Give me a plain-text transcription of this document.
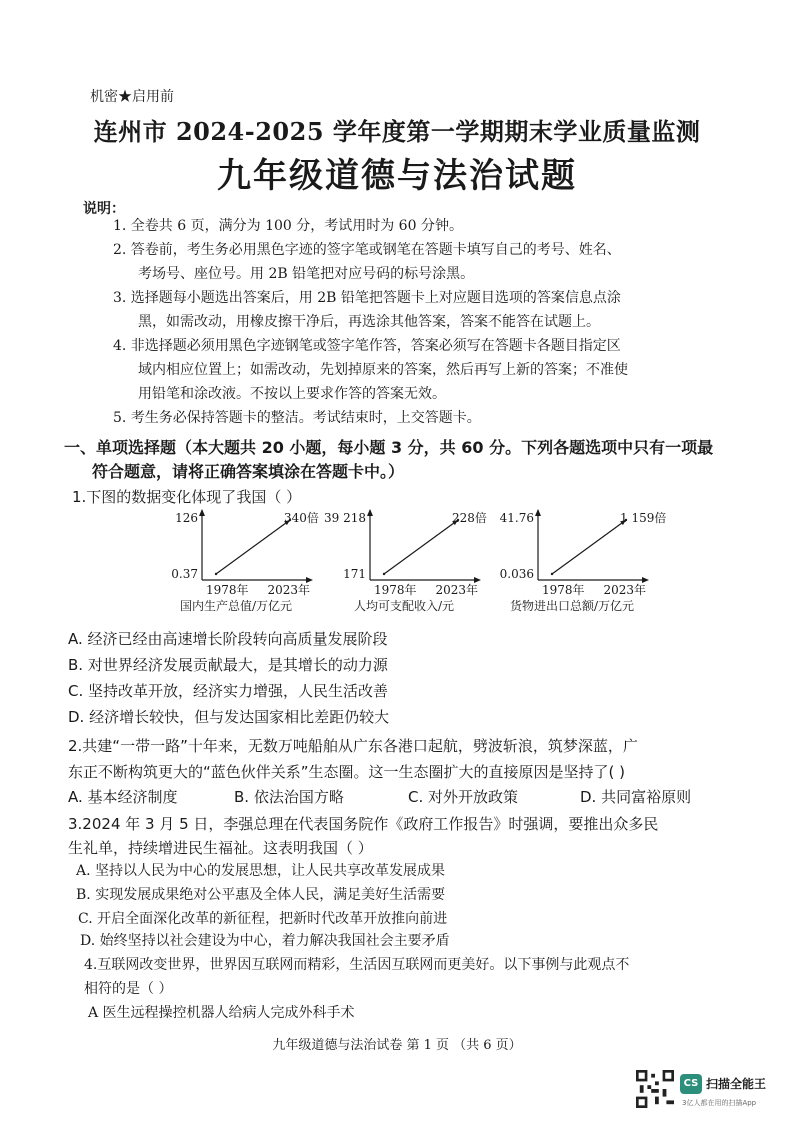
机密★启用前
连州市 2024-2025 学年度第一学期期末学业质量监测
九年级道德与法治试题
说明：
1. 全卷共 6 页，满分为 100 分，考试用时为 60 分钟。
2. 答卷前，考生务必用黑色字迹的签字笔或钢笔在答题卡填写自己的考号、姓名、
考场号、座位号。用 2B 铅笔把对应号码的标号涂黑。
3. 选择题每小题选出答案后，用 2B 铅笔把答题卡上对应题目选项的答案信息点涂
黑，如需改动，用橡皮擦干净后，再选涂其他答案，答案不能答在试题上。
4. 非选择题必须用黑色字迹钢笔或签字笔作答，答案必须写在答题卡各题目指定区
域内相应位置上；如需改动，先划掉原来的答案，然后再写上新的答案；不准使
用铅笔和涂改液。不按以上要求作答的答案无效。
5. 考生务必保持答题卡的整洁。考试结束时，上交答题卡。
一、单项选择题（本大题共 20 小题，每小题 3 分，共 60 分。下列各题选项中只有一项最
符合题意，请将正确答案填涂在答题卡中。）
1.下图的数据变化体现了我国（ ）
0.37
126	340倍
1978年 2023年
国内生产总值/万亿元
171
39 218	228倍
1978年 2023年
人均可支配收入/元
0.036
41.76	1 159倍
1978年 2023年
货物进出口总额/万亿元
A. 经济已经由高速增长阶段转向高质量发展阶段
B. 对世界经济发展贡献最大，是其增长的动力源
C. 坚持改革开放，经济实力增强，人民生活改善
D. 经济增长较快，但与发达国家相比差距仍较大
2.共建“一带一路”十年来，无数万吨船舶从广东各港口起航，劈波斩浪，筑梦深蓝，广
东正不断构筑更大的“蓝色伙伴关系”生态圈。这一生态圈扩大的直接原因是坚持了( )
A. 基本经济制度	B. 依法治国方略	C. 对外开放政策	D. 共同富裕原则
3.2024 年 3 月 5 日，李强总理在代表国务院作《政府工作报告》时强调，要推出众多民
生礼单，持续增进民生福祉。这表明我国（ ）
A. 坚持以人民为中心的发展思想，让人民共享改革发展成果
B. 实现发展成果绝对公平惠及全体人民，满足美好生活需要
C. 开启全面深化改革的新征程，把新时代改革开放推向前进
D. 始终坚持以社会建设为中心，着力解决我国社会主要矛盾
4.互联网改变世界，世界因互联网而精彩，生活因互联网而更美好。以下事例与此观点不
相符的是（ ）
A 医生远程操控机器人给病人完成外科手术
九年级道德与法治试卷 第 1 页 （共 6 页）
CS 扫描全能王
3亿人都在用的扫描App
